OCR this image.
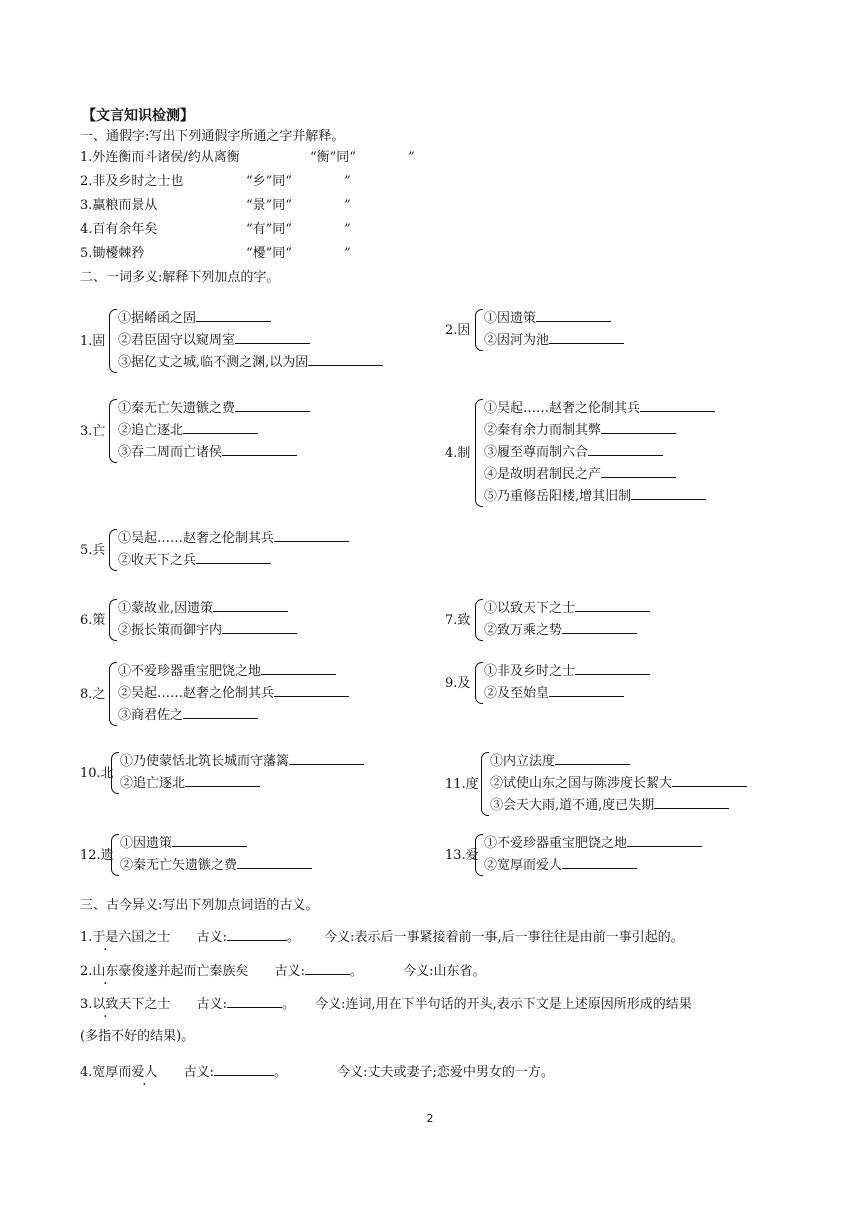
【文言知识检测】
一、通假字:写出下列通假字所通之字并解释。
1.外连衡而斗诸侯/约从离衡	“衡”同“	”
2.非及乡时之士也	“乡”同“	”
3.赢粮而景从	“景”同“	”
4.百有余年矣	“有”同“	”
5.锄櫌棘矜	“櫌”同“	”
二、一词多义:解释下列加点的字。
1.固
①据崤函之固
②君臣固守以窥周室
③据亿丈之城,临不测之渊,以为固
2.因
①因遗策
②因河为池
3.亡
①秦无亡矢遗镞之费
②追亡逐北
③吞二周而亡诸侯	4.制
①吴起……赵奢之伦制其兵
②秦有余力而制其弊
③履至尊而制六合
④是故明君制民之产
⑤乃重修岳阳楼,增其旧制
5.兵
①吴起……赵奢之伦制其兵
②收天下之兵
6.策
①蒙故业,因遗策
②振长策而御宇内
7.致
①以致天下之士
②致万乘之势
8.之
①不爱珍器重宝肥饶之地
②吴起……赵奢之伦制其兵
③商君佐之
9.及
①非及乡时之士
②及至始皇
10.北
①乃使蒙恬北筑长城而守藩篱
②追亡逐北	11.度
①内立法度
②试使山东之国与陈涉度长絜大
③会天大雨,道不通,度已失期
12.遗
①因遗策
②秦无亡矢遗镞之费
13.爱
①不爱珍器重宝肥饶之地
②宽厚而爱人
三、古今异义:写出下列加点词语的古义。
1.于是六国之士 古义:	。 今义:表示后一事紧接着前一事,后一事往往是由前一事引起的。
2.山东豪俊遂并起而亡秦族矣 古义:	。	今义:山东省。
3.以致天下之士 古义:	。 今义:连词,用在下半句话的开头,表示下文是上述原因所形成的结果
(多指不好的结果)。
4.宽厚而爱人 古义:	。	今义:丈夫或妻子;恋爱中男女的一方。
2
